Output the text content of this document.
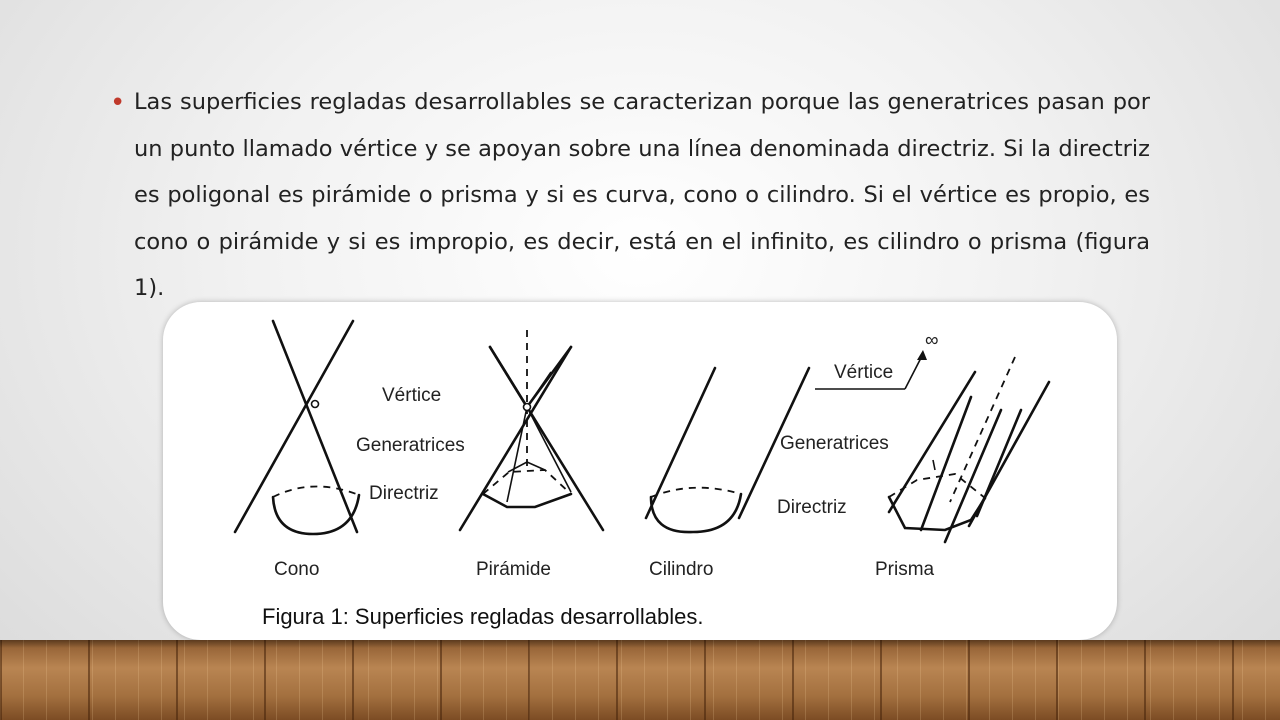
• Las superficies regladas desarrollables se caracterizan porque las generatrices pasan por un punto llamado vértice y se apoyan sobre una línea denominada directriz. Si la directriz es poligonal es pirámide o prisma y si es curva, cono o cilindro. Si el vértice es propio, es cono o pirámide y si es impropio, es decir, está en el infinito, es cilindro o prisma (figura 1).

Vértice
Generatrices
Directriz
Generatrices
Directriz
Vértice
∞
Cono	Pirámide	Cilindro	Prisma
Figura 1: Superficies regladas desarrollables.
